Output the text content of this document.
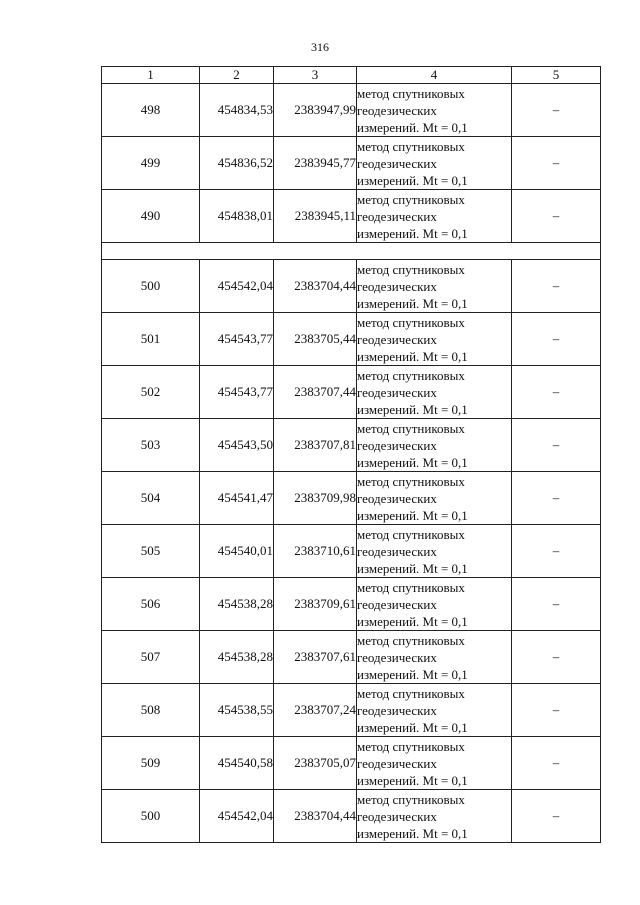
316
1	2	3	4	5
498	454834,53	2383947,99	метод спутниковых
геодезических
измерений. Mt = 0,1	–
499	454836,52	2383945,77	метод спутниковых
геодезических
измерений. Mt = 0,1	–
490	454838,01	2383945,11	метод спутниковых
геодезических
измерений. Mt = 0,1	–

500	454542,04	2383704,44	метод спутниковых
геодезических
измерений. Mt = 0,1	–
501	454543,77	2383705,44	метод спутниковых
геодезических
измерений. Mt = 0,1	–
502	454543,77	2383707,44	метод спутниковых
геодезических
измерений. Mt = 0,1	–
503	454543,50	2383707,81	метод спутниковых
геодезических
измерений. Mt = 0,1	–
504	454541,47	2383709,98	метод спутниковых
геодезических
измерений. Mt = 0,1	–
505	454540,01	2383710,61	метод спутниковых
геодезических
измерений. Mt = 0,1	–
506	454538,28	2383709,61	метод спутниковых
геодезических
измерений. Mt = 0,1	–
507	454538,28	2383707,61	метод спутниковых
геодезических
измерений. Mt = 0,1	–
508	454538,55	2383707,24	метод спутниковых
геодезических
измерений. Mt = 0,1	–
509	454540,58	2383705,07	метод спутниковых
геодезических
измерений. Mt = 0,1	–
500	454542,04	2383704,44	метод спутниковых
геодезических
измерений. Mt = 0,1	–
